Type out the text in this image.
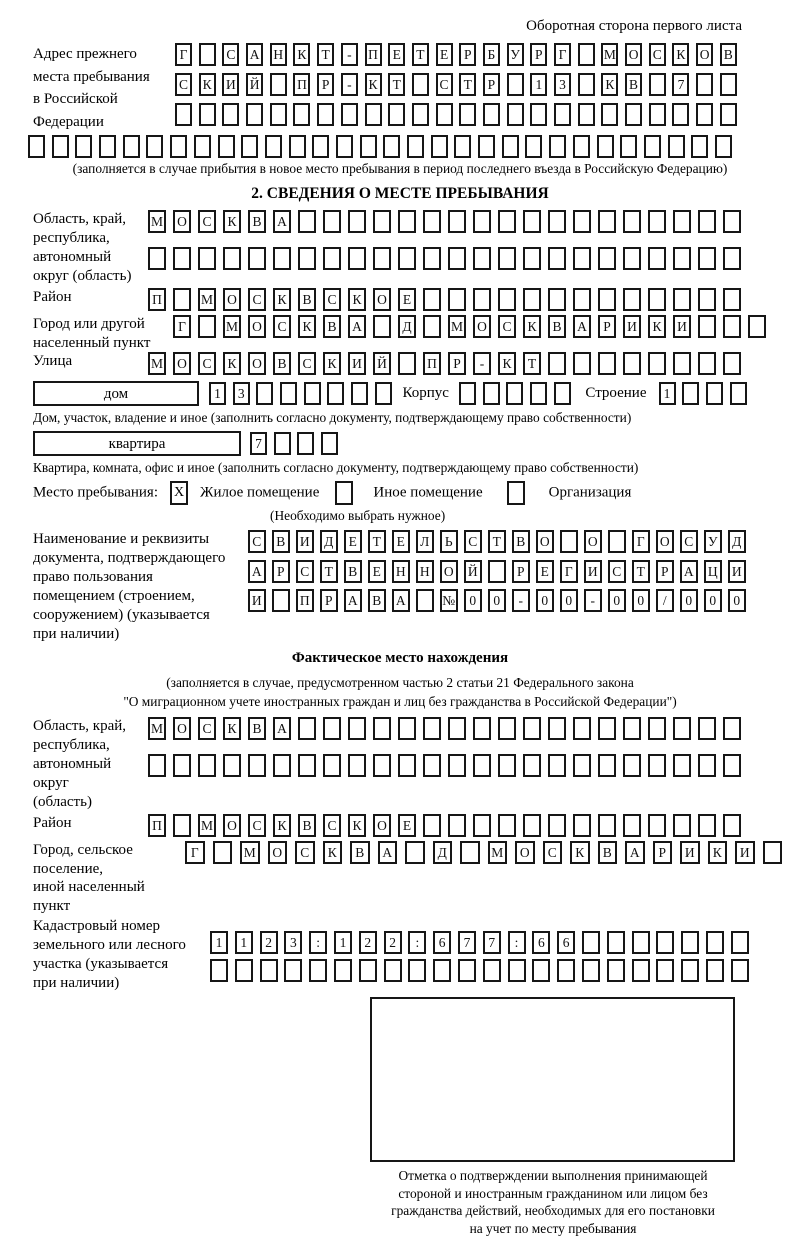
Оборотная сторона первого листа
Адрес прежнего
места пребывания
в Российской
Федерации
Г	С А Н К Т - П Е Т Е Р Б У Р Г	М О С К О В
С К И Й	П Р - К Т	С Т Р	1 3	К В	7
(заполняется в случае прибытия в новое место пребывания в период последнего въезда в Российскую Федерацию)
2. СВЕДЕНИЯ О МЕСТЕ ПРЕБЫВАНИЯ
Область, край,
республика,
автономный
округ (область)
М О С К В А
Район	П	М О С К В С К О Е
Город или другой
населенный пункт
Г	М О С К В А	Д	М О С К В А Р И К И
Улица	М О С К О В С К И Й	П Р - К Т
дом	1 3	Корпус	Строение	1
Дом, участок, владение и иное (заполнить согласно документу, подтверждающему право собственности)
квартира	7
Квартира, комната, офис и иное (заполнить согласно документу, подтверждающему право собственности)
Место пребывания: X Жилое помещение	Иное помещение	Организация
(Необходимо выбрать нужное)
Наименование и реквизиты
документа, подтверждающего
право пользования
помещением (строением,
сооружением) (указывается
при наличии)
С В И Д Е Т Е Л Ь С Т В О	О	Г О С У Д
А Р С Т В Е Н Н О Й	Р Е Г И С Т Р А Ц И
И	П Р А В А	№ 0 0 - 0 0 - 0 0 / 0 0 0
Фактическое место нахождения
(заполняется в случае, предусмотренном частью 2 статьи 21 Федерального закона
"О миграционном учете иностранных граждан и лиц без гражданства в Российской Федерации")
Область, край,
республика,
автономный округ
(область)
М О С К В А
Район	П	М О С К В С К О Е
Город, сельское поселение,
иной населенный пункт
Г	М О С К В А	Д	М О С К В А Р И К И
Кадастровый номер
земельного или лесного
участка (указывается
при наличии)
1 1 2 3 : 1 2 2 : 6 7 7 : 6 6
Отметка о подтверждении выполнения принимающей
стороной и иностранным гражданином или лицом без
гражданства действий, необходимых для его постановки
на учет по месту пребывания
